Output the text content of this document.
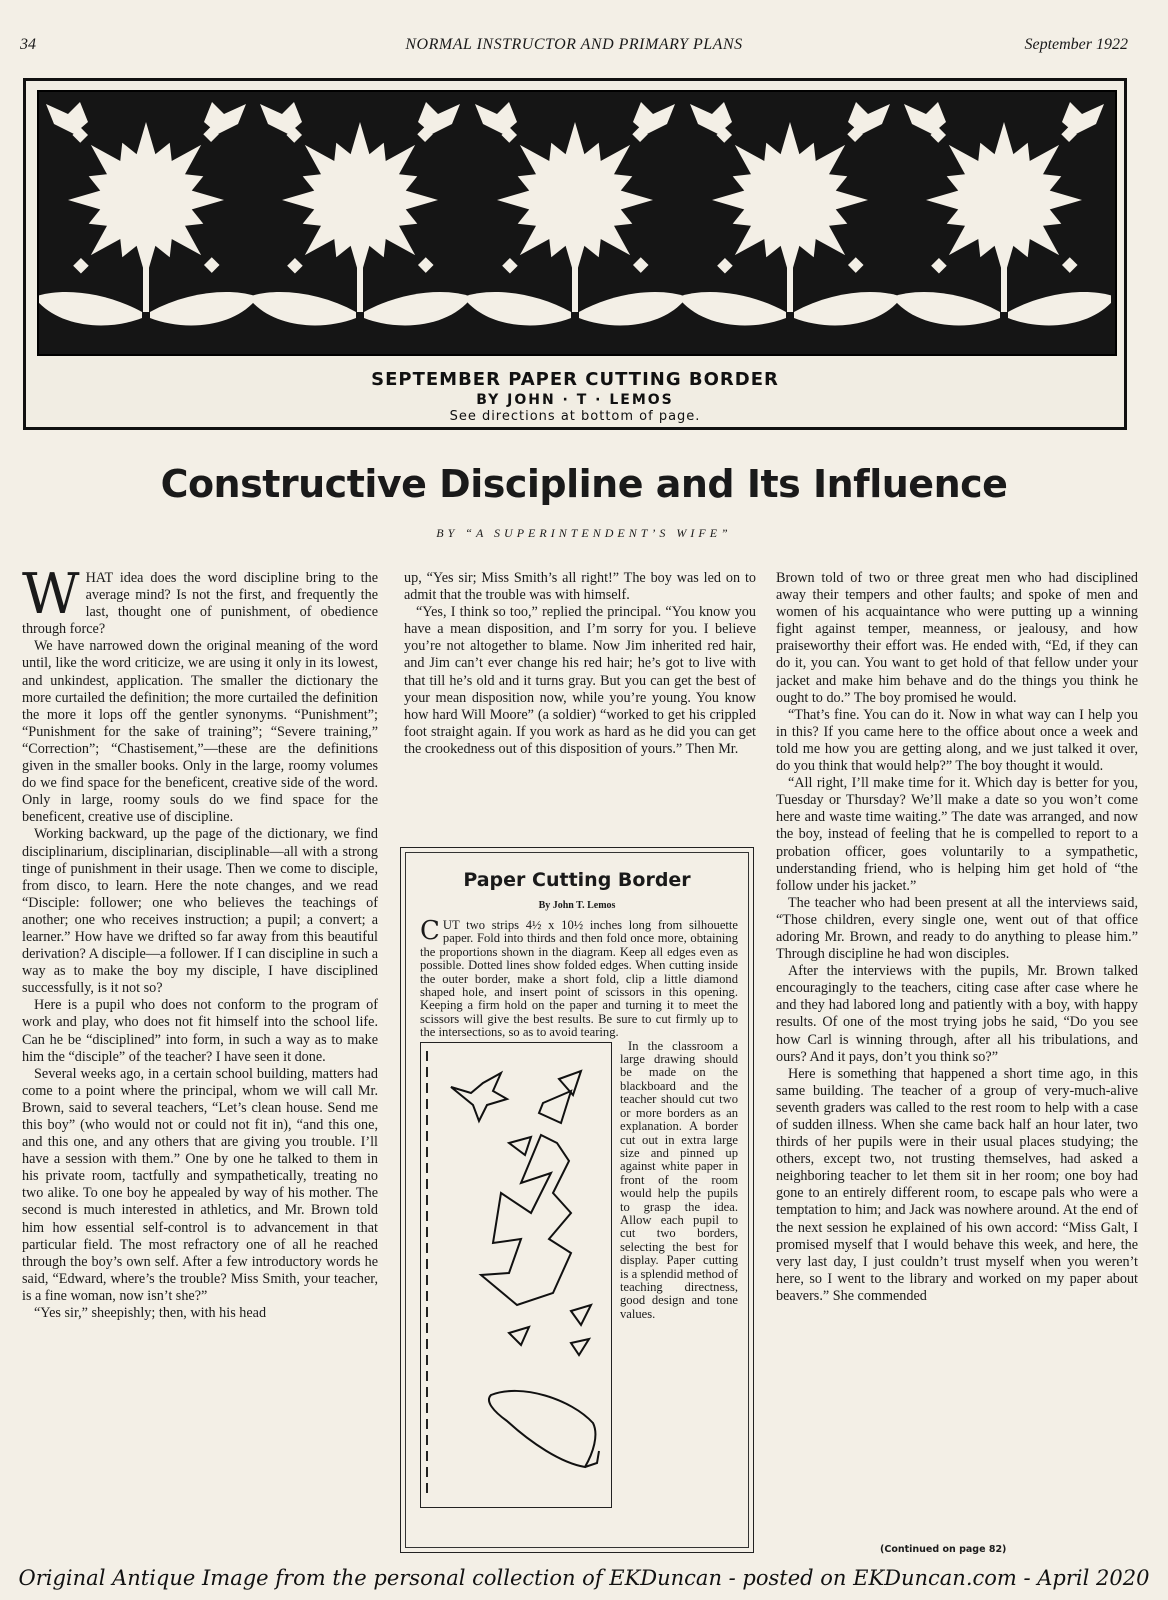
34	NORMAL INSTRUCTOR AND PRIMARY PLANS	September 1922
SEPTEMBER PAPER CUTTING BORDER
BY JOHN · T · LEMOS
See directions at bottom of page.
Constructive Discipline and Its Influence
BY “A SUPERINTENDENT’S WIFE”

WHAT idea does the word discipline bring to the average mind? Is not the first, and frequently the last, thought one of punishment, of obedience through force?

We have narrowed down the original meaning of the word until, like the word criticize, we are using it only in its lowest, and unkindest, application. The smaller the dictionary the more curtailed the definition; the more curtailed the definition the more it lops off the gentler synonyms. “Punishment”; “Punishment for the sake of training”; “Severe training,” “Correction”; “Chastisement,”—these are the definitions given in the smaller books. Only in the large, roomy volumes do we find space for the beneficent, creative side of the word. Only in large, roomy souls do we find space for the beneficent, creative use of discipline.

Working backward, up the page of the dictionary, we find disciplinarium, disciplinarian, disciplinable—all with a strong tinge of punishment in their usage. Then we come to disciple, from disco, to learn. Here the note changes, and we read “Disciple: follower; one who believes the teachings of another; one who receives instruction; a pupil; a convert; a learner.” How have we drifted so far away from this beautiful derivation? A disciple—a follower. If I can discipline in such a way as to make the boy my disciple, I have disciplined successfully, is it not so?

Here is a pupil who does not conform to the program of work and play, who does not fit himself into the school life. Can he be “disciplined” into form, in such a way as to make him the “disciple” of the teacher? I have seen it done.

Several weeks ago, in a certain school building, matters had come to a point where the principal, whom we will call Mr. Brown, said to several teachers, “Let’s clean house. Send me this boy” (who would not or could not fit in), “and this one, and this one, and any others that are giving you trouble. I’ll have a session with them.” One by one he talked to them in his private room, tactfully and sympathetically, treating no two alike. To one boy he appealed by way of his mother. The second is much interested in athletics, and Mr. Brown told him how essential self-control is to advancement in that particular field. The most refractory one of all he reached through the boy’s own self. After a few introductory words he said, “Edward, where’s the trouble? Miss Smith, your teacher, is a fine woman, now isn’t she?”

“Yes sir,” sheepishly; then, with his head

up, “Yes sir; Miss Smith’s all right!” The boy was led on to admit that the trouble was with himself.

“Yes, I think so too,” replied the principal. “You know you have a mean disposition, and I’m sorry for you. I believe you’re not altogether to blame. Now Jim inherited red hair, and Jim can’t ever change his red hair; he’s got to live with that till he’s old and it turns gray. But you can get the best of your mean disposition now, while you’re young. You know how hard Will Moore” (a soldier) “worked to get his crippled foot straight again. If you work as hard as he did you can get the crookedness out of this disposition of yours.” Then Mr.

Paper Cutting Border
By John T. Lemos

C UT two strips 4½ x 10½ inches long from silhouette paper. Fold into thirds and then fold once more, obtaining the proportions shown in the diagram. Keep all edges even as possible. Dotted lines show folded edges. When cutting inside the outer border, make a short fold, clip a little diamond shaped hole, and insert point of scissors in this opening. Keeping a firm hold on the paper and turning it to meet the scissors will give the best results. Be sure to cut firmly up to the intersections, so as to avoid tearing.

In the classroom a large drawing should be made on the blackboard and the teacher should cut two or more borders as an explanation. A border cut out in extra large size and pinned up against white paper in front of the room would help the pupils to grasp the idea. Allow each pupil to cut two borders, selecting the best for display. Paper cutting is a splendid method of teaching directness, good design and tone values.

Brown told of two or three great men who had disciplined away their tempers and other faults; and spoke of men and women of his acquaintance who were putting up a winning fight against temper, meanness, or jealousy, and how praiseworthy their effort was. He ended with, “Ed, if they can do it, you can. You want to get hold of that fellow under your jacket and make him behave and do the things you think he ought to do.” The boy promised he would.

“That’s fine. You can do it. Now in what way can I help you in this? If you came here to the office about once a week and told me how you are getting along, and we just talked it over, do you think that would help?” The boy thought it would.

“All right, I’ll make time for it. Which day is better for you, Tuesday or Thursday? We’ll make a date so you won’t come here and waste time waiting.” The date was arranged, and now the boy, instead of feeling that he is compelled to report to a probation officer, goes voluntarily to a sympathetic, understanding friend, who is helping him get hold of “the follow under his jacket.”

The teacher who had been present at all the interviews said, “Those children, every single one, went out of that office adoring Mr. Brown, and ready to do anything to please him.” Through discipline he had won disciples.

After the interviews with the pupils, Mr. Brown talked encouragingly to the teachers, citing case after case where he and they had labored long and patiently with a boy, with happy results. Of one of the most trying jobs he said, “Do you see how Carl is winning through, after all his tribulations, and ours? And it pays, don’t you think so?”

Here is something that happened a short time ago, in this same building. The teacher of a group of very-much-alive seventh graders was called to the rest room to help with a case of sudden illness. When she came back half an hour later, two thirds of her pupils were in their usual places studying; the others, except two, not trusting themselves, had asked a neighboring teacher to let them sit in her room; one boy had gone to an entirely different room, to escape pals who were a temptation to him; and Jack was nowhere around. At the end of the next session he explained of his own accord: “Miss Galt, I promised myself that I would behave this week, and here, the very last day, I just couldn’t trust myself when you weren’t here, so I went to the library and worked on my paper about beavers.” She commended

(Continued on page 82)
Original Antique Image from the personal collection of EKDuncan - posted on EKDuncan.com - April 2020
